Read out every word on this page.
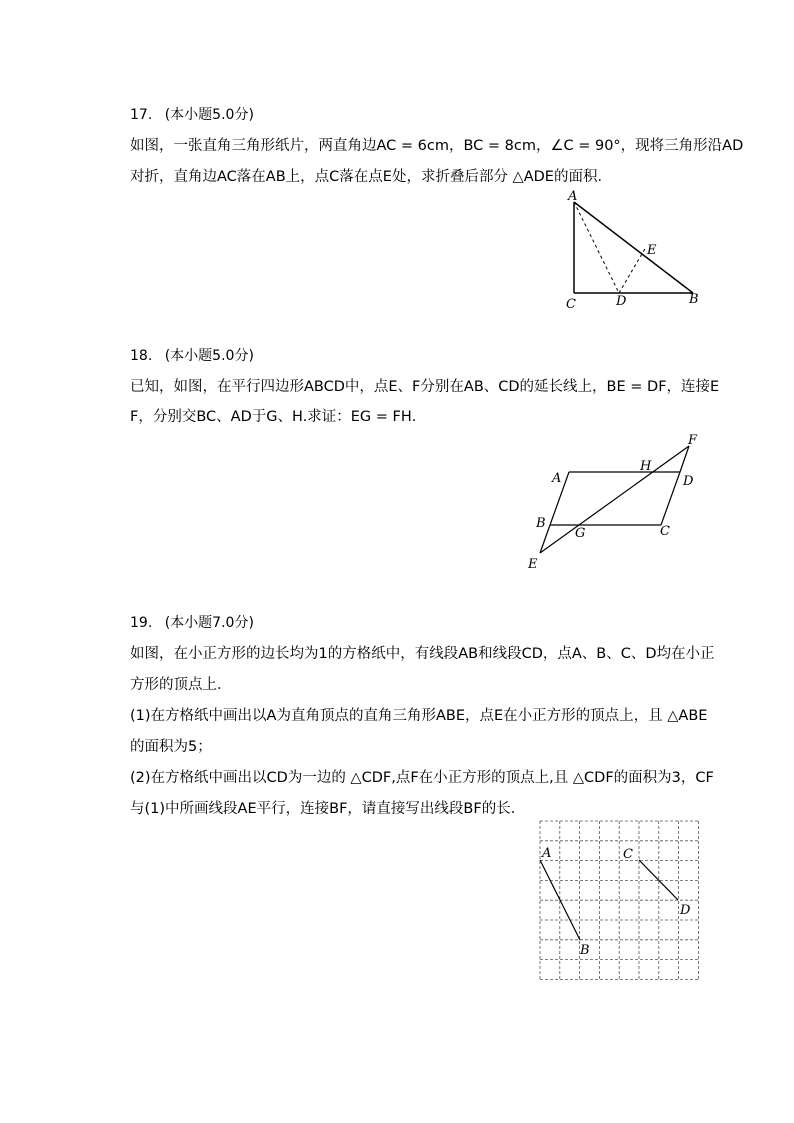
17. (本小题5.0分)
如图，一张直角三角形纸片，两直角边AC = 6cm，BC = 8cm，∠C = 90°，现将三角形沿AD
对折，直角边AC落在AB上，点C落在点E处，求折叠后部分 △ADE的面积．
A
C	D	B
E
18. (本小题5.0分)
已知，如图，在平行四边形ABCD中，点E、F分别在AB、CD的延长线上，BE = DF，连接E
F，分别交BC、AD于G、H.求证：EG = FH．
A
H
F
D
B
G	C
E
19. (本小题7.0分)
如图，在小正方形的边长均为1的方格纸中，有线段AB和线段CD，点A、B、C、D均在小正
方形的顶点上．
(1)在方格纸中画出以A为直角顶点的直角三角形ABE，点E在小正方形的顶点上，且 △ABE
的面积为5；
(2)在方格纸中画出以CD为一边的 △CDF,点F在小正方形的顶点上,且 △CDF的面积为3，CF
与(1)中所画线段AE平行，连接BF，请直接写出线段BF的长．
A
B
C
D
